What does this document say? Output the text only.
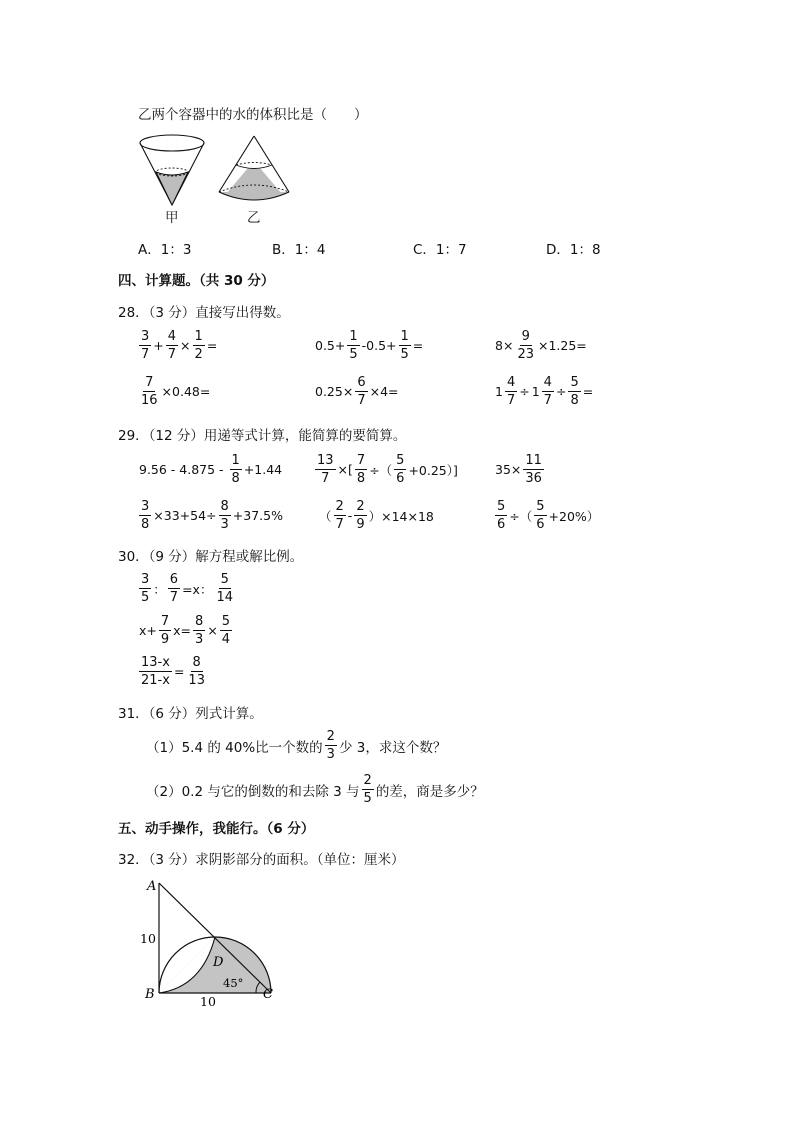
乙两个容器中的水的体积比是（　　）
甲	乙
A．1：3	B．1：4	C．1：7	D．1：8
四、计算题。（共 30 分）
28．（3 分）直接写出得数。
$\frac{3}{7} + \frac{4}{7} \times \frac{1}{2}$ =	$0.5+ \frac{1}{5} -0.5+ \frac{1}{5}$ =	$8\times \frac{9}{23} \times 1.25=$
$\frac{7}{16} \times 0.48=$	$0.25\times \frac{6}{7} \times 4=$	$1 \frac{4}{7} \div 1 \frac{4}{7} \div \frac{5}{8}$ =
29．（12 分）用递等式计算，能简算的要简算。
$9.56 - 4.875 - \frac{1}{8} +1.44$	$\frac{13}{7}$ ×[ $\frac{7}{8}$ ÷（ $\frac{5}{6} +0.25$）]	$35\times \frac{11}{36}$
$\frac{3}{8} \times 33+54\div \frac{8}{3} +37.5\%$	（ $\frac{2}{7} - \frac{2}{9} )\times 14\times 18$	$\frac{5}{6}$ ÷（ $\frac{5}{6} +20\%$）
30．（9 分）解方程或解比例。
$\frac{3}{5}$ ： $\frac{6}{7} =x$： $\frac{5}{14}$
$x+ \frac{7}{9} x= \frac{8}{3} \times \frac{5}{4}$
$\frac{13-x}{21-x} = \frac{8}{13}$
31．（6 分）列式计算。
（1）5.4 的 40%比一个数的 $\frac{2}{3}$ 少 3，求这个数？
（2）0.2 与它的倒数的和去除 3 与 $\frac{2}{5}$ 的差，商是多少？
五、动手操作，我能行。（6 分）
32．（3 分）求阴影部分的面积。（单位：厘米）
A
B	C
D
10
10
45°
